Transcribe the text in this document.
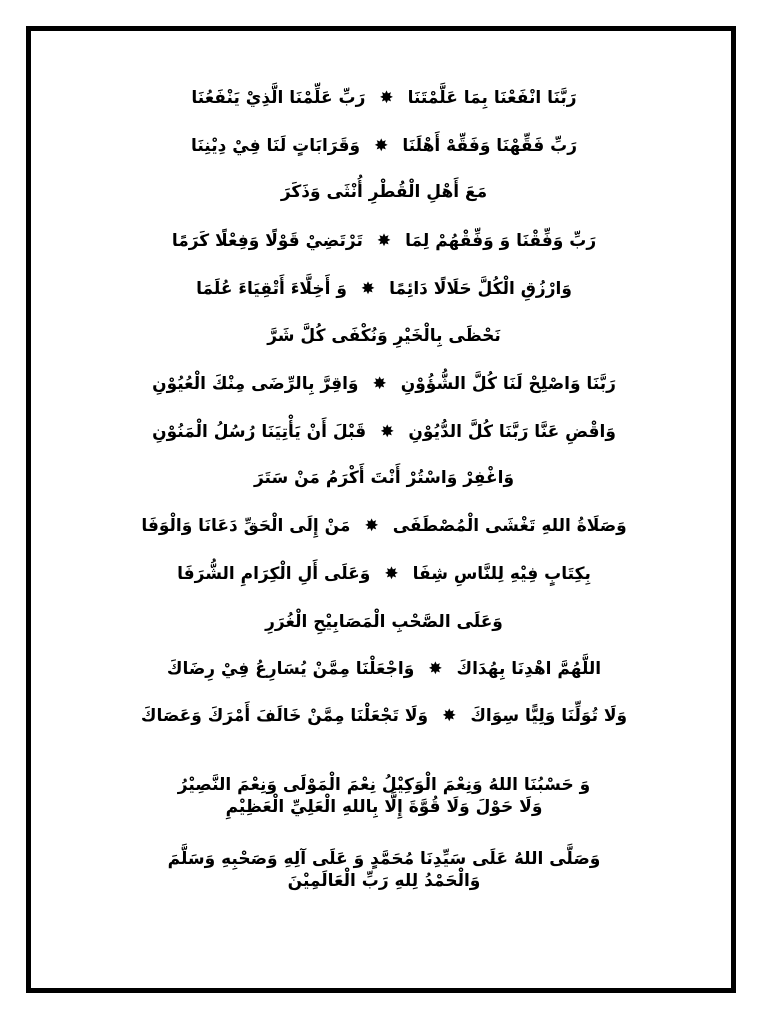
رَبَّنَا انْفَعْنَا بِمَا عَلَّمْتَنَا✸رَبِّ عَلِّمْنَا الَّذِيْ يَنْفَعُنَا
رَبِّ فَقِّهْنَا وَفَقِّهْ أَهْلَنَا✸وَقَرَابَاتٍ لَنَا فِيْ دِيْنِنَا
مَعَ أَهْلِ الْقُطْرِ أُنْثَى وَذَكَرَ
رَبِّ وَفِّقْنَا وَ وَفِّقْهُمْ لِمَا✸تَرْتَضِيْ قَوْلًا وَفِعْلًا كَرَمًا
وَارْزُقِ الْكُلَّ حَلَالًا دَائِمًا✸وَ أَخِلَّاءَ أَتْقِيَاءَ عُلَمَا
نَحْظَى بِالْخَيْرِ وَنُكْفَى كُلَّ شَرَّ
رَبَّنَا وَاصْلِحْ لَنَا كُلَّ الشُّؤُوْنِ✸وَاقِرَّ بِالرِّضَى مِنْكَ الْعُيُوْنِ
وَاقْضِ عَنَّا رَبَّنَا كُلَّ الدُّيُوْنِ✸قَبْلَ أَنْ يَأْتِيَنَا رُسُلُ الْمَنُوْنِ
وَاغْفِرْ وَاسْتُرْ أَنْتَ أَكْرَمُ مَنْ سَتَرَ
وَصَلَاةُ اللهِ تَغْشَى الْمُصْطَفَى✸مَنْ إِلَى الْحَقِّ دَعَانَا وَالْوَفَا
بِكِتَابٍ فِيْهِ لِلنَّاسِ شِفَا✸وَعَلَى أَلِ الْكِرَامِ الشُّرَفَا
وَعَلَى الصَّحْبِ الْمَصَابِيْحِ الْغُرَرِ
اللَّهُمَّ اهْدِنَا بِهُدَاكَ✸وَاجْعَلْنَا مِمَّنْ يُسَارِعُ فِيْ رِضَاكَ
وَلَا تُوَلِّنَا وَلِيًّا سِوَاكَ✸وَلَا تَجْعَلْنَا مِمَّنْ خَالَفَ أَمْرَكَ وَعَصَاكَ
وَ حَسْبُنَا اللهُ وَنِعْمَ الْوَكِيْلُ نِعْمَ الْمَوْلَى وَنِعْمَ النَّصِيْرُ
وَلَا حَوْلَ وَلَا قُوَّةَ إِلَّا بِاللهِ الْعَلِيِّ الْعَظِيْمِ
وَصَلَّى اللهُ عَلَى سَيِّدِنَا مُحَمَّدٍ وَ عَلَى آلِهِ وَصَحْبِهِ وَسَلَّمَ
وَالْحَمْدُ لِلهِ رَبِّ الْعَالَمِيْنَ
